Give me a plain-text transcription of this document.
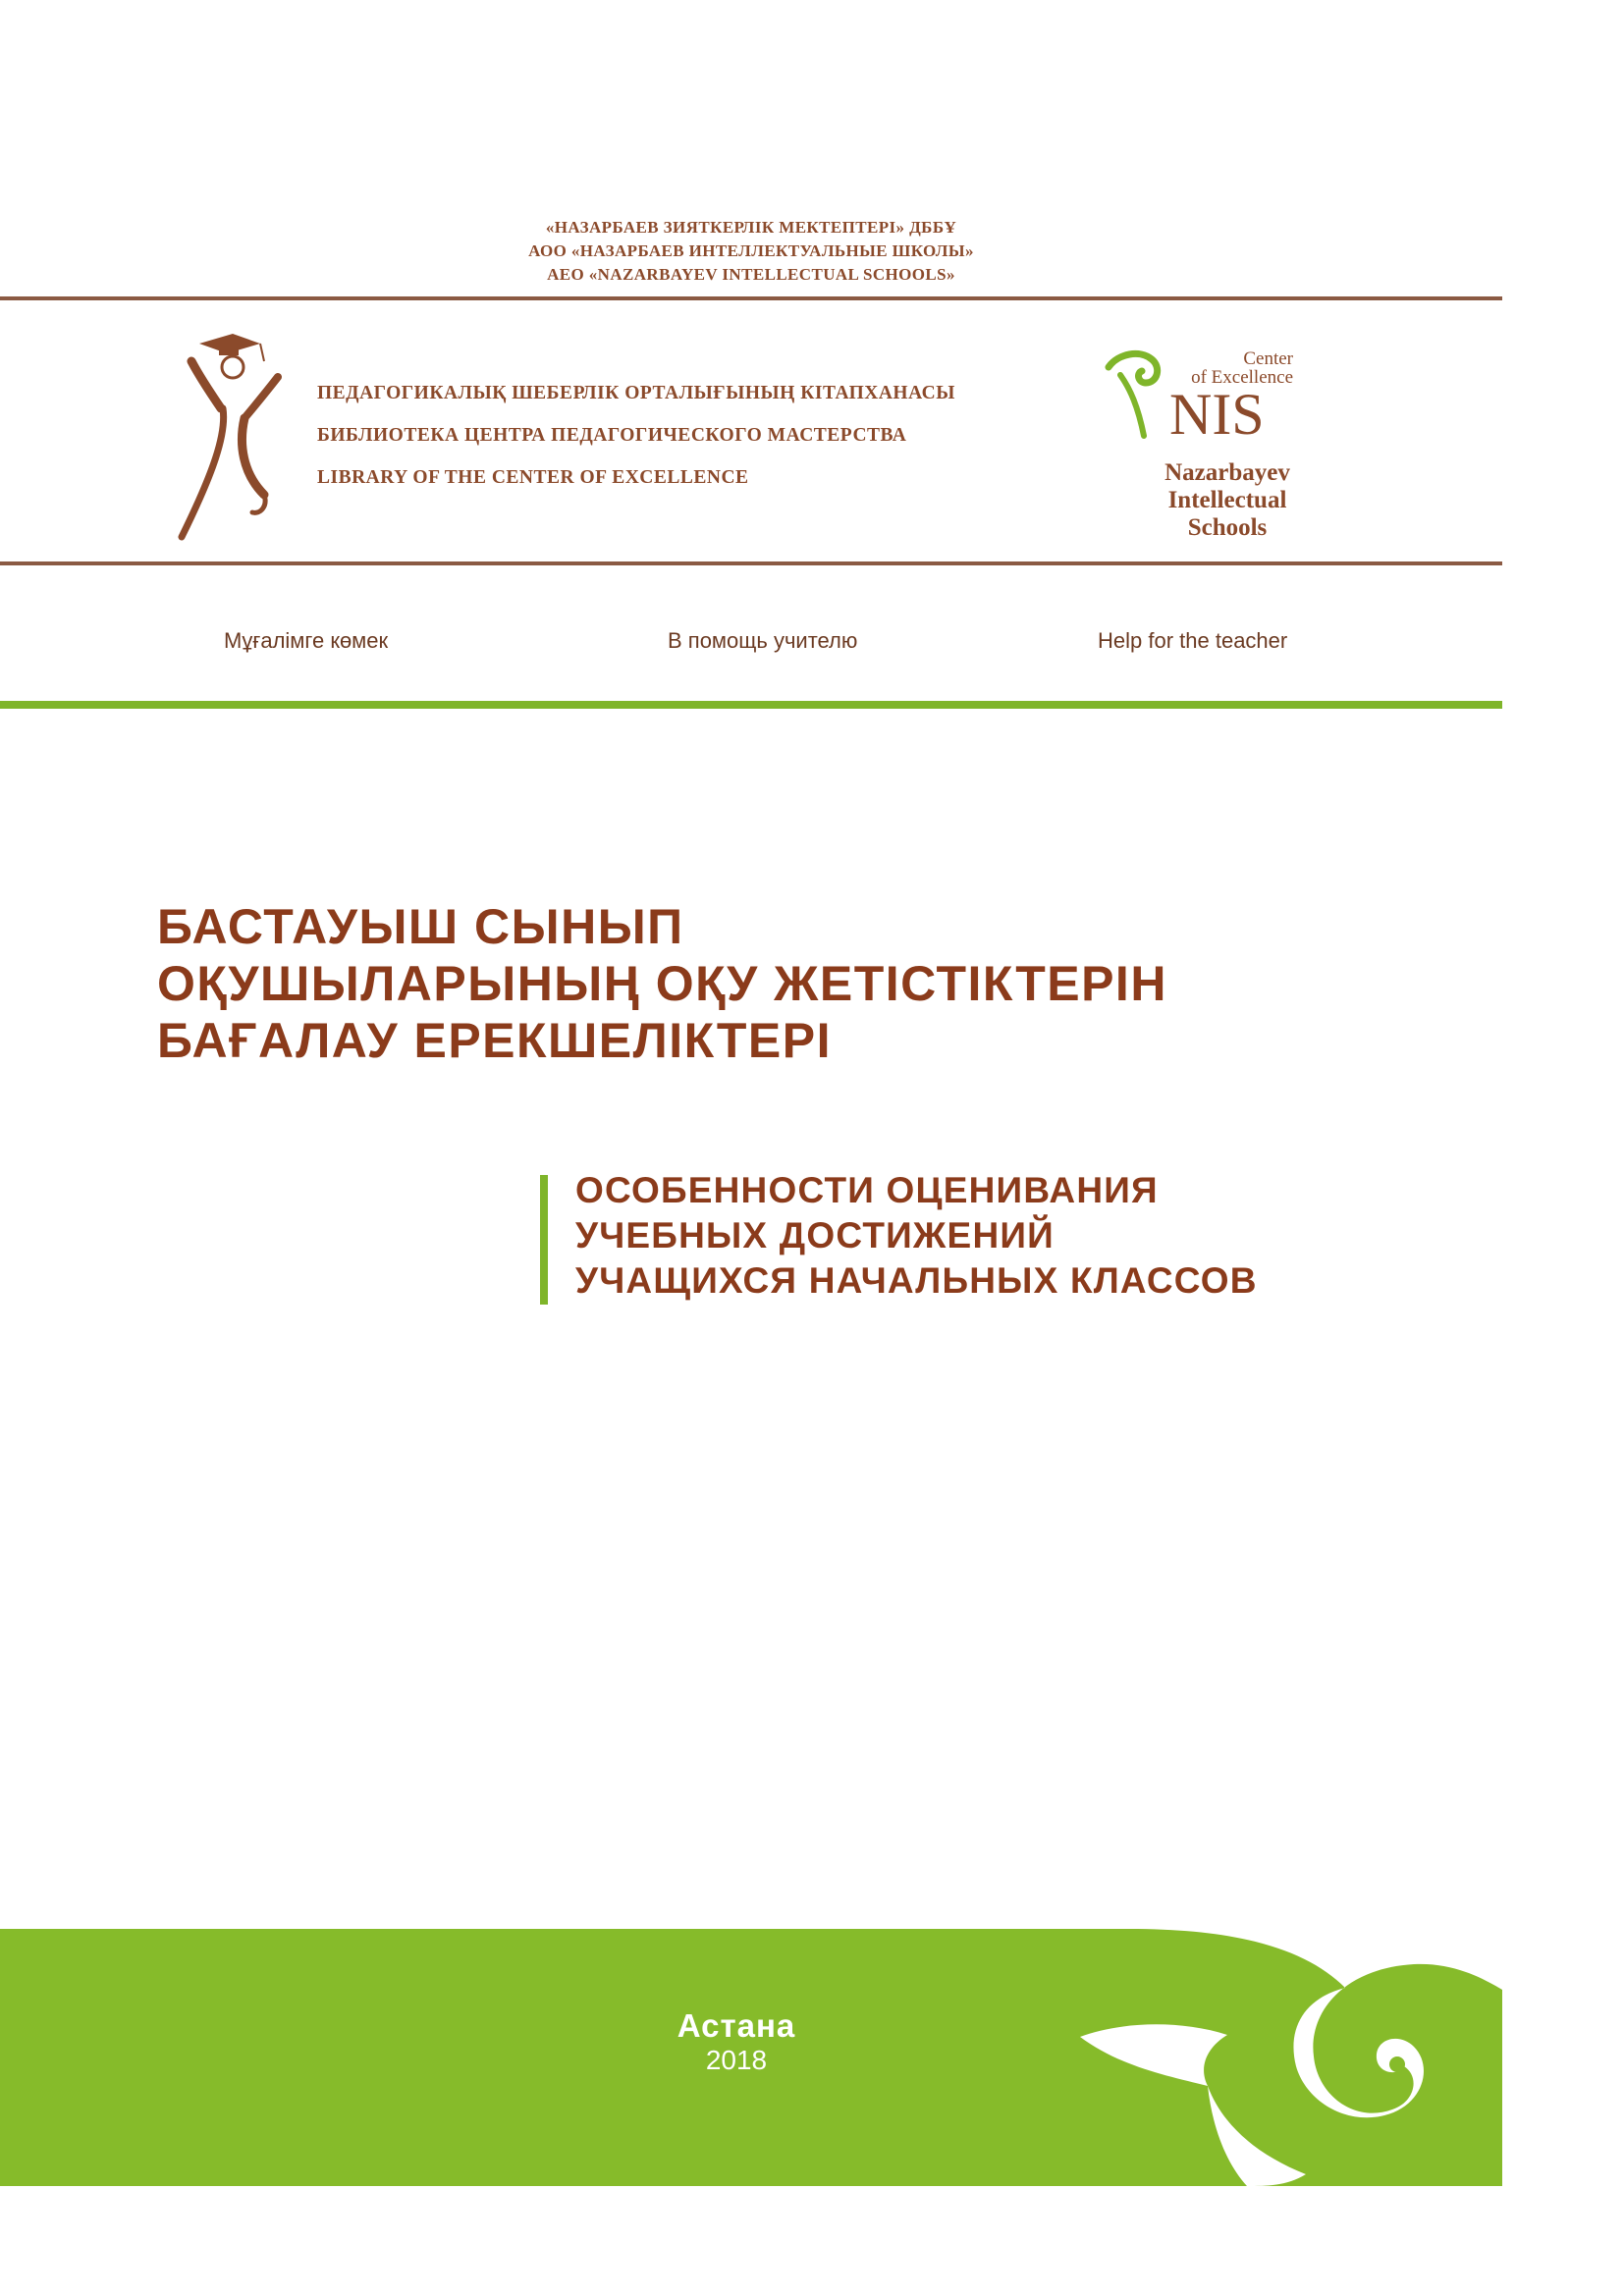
«НАЗАРБАЕВ ЗИЯТКЕРЛІК МЕКТЕПТЕРІ» ДББҰ
АОО «НАЗАРБАЕВ ИНТЕЛЛЕКТУАЛЬНЫЕ ШКОЛЫ»
АЕО «NAZARBAYEV INTELLECTUAL SCHOOLS»
ПЕДАГОГИКАЛЫҚ ШЕБЕРЛІК ОРТАЛЫҒЫНЫҢ КІТАПХАНАСЫ
БИБЛИОТЕКА ЦЕНТРА ПЕДАГОГИЧЕСКОГО МАСТЕРСТВА
LIBRARY OF THE CENTER OF EXCELLENCE
Center
of Excellence
NIS
Nazarbayev
Intellectual
Schools
Мұғалімге көмек	В помощь учителю	Help for the teacher
БАСТАУЫШ СЫНЫП
ОҚУШЫЛАРЫНЫҢ ОҚУ ЖЕТІСТІКТЕРІН
БАҒАЛАУ ЕРЕКШЕЛІКТЕРІ
ОСОБЕННОСТИ ОЦЕНИВАНИЯ
УЧЕБНЫХ ДОСТИЖЕНИЙ
УЧАЩИХСЯ НАЧАЛЬНЫХ КЛАССОВ
Астана
2018
